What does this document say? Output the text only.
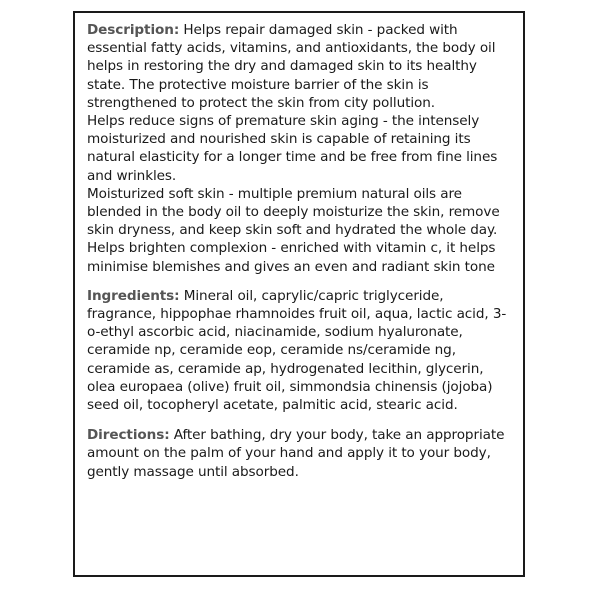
Description: Helps repair damaged skin - packed with essential fatty acids, vitamins, and antioxidants, the body oil helps in restoring the dry and damaged skin to its healthy state. The protective moisture barrier of the skin is strengthened to protect the skin from city pollution.

Helps reduce signs of premature skin aging - the intensely moisturized and nourished skin is capable of retaining its natural elasticity for a longer time and be free from fine lines and wrinkles.

Moisturized soft skin - multiple premium natural oils are blended in the body oil to deeply moisturize the skin, remove skin dryness, and keep skin soft and hydrated the whole day.

Helps brighten complexion - enriched with vitamin c, it helps minimise blemishes and gives an even and radiant skin tone

Ingredients: Mineral oil, caprylic/capric triglyceride, fragrance, hippophae rhamnoides fruit oil, aqua, lactic acid, 3-o-ethyl ascorbic acid, niacinamide, sodium hyaluronate, ceramide np, ceramide eop, ceramide ns/ceramide ng, ceramide as, ceramide ap, hydrogenated lecithin, glycerin, olea europaea (olive) fruit oil, simmondsia chinensis (jojoba) seed oil, tocopheryl acetate, palmitic acid, stearic acid.

Directions: After bathing, dry your body, take an appropriate amount on the palm of your hand and apply it to your body, gently massage until absorbed.
